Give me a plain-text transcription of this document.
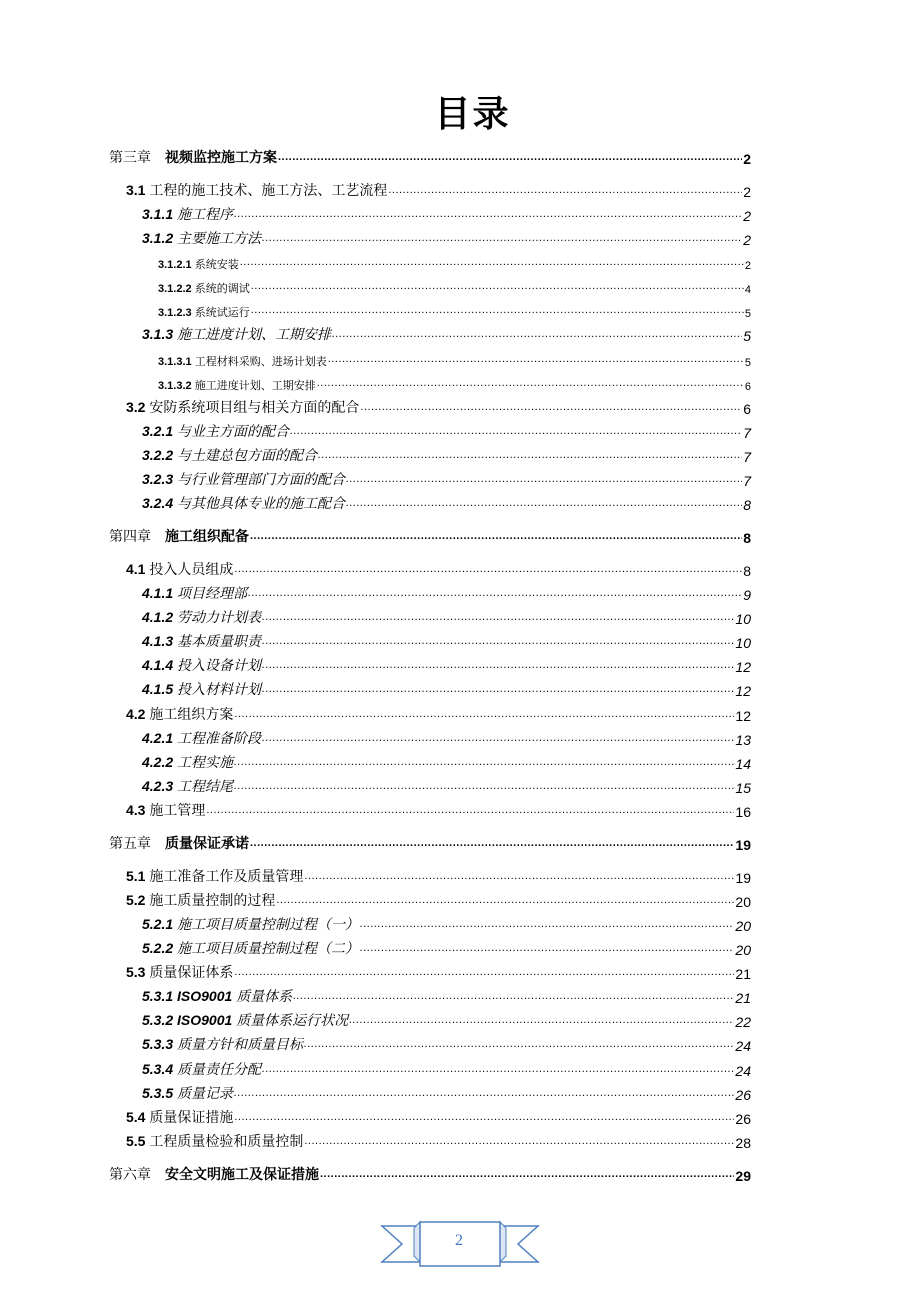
目录
第三章　 视频监控施工方案 .....	2
3.1 工程的施工技术、施工方法、工艺流程 .....	2
3.1.1 施工程序 .....	2
3.1.2 主要施工方法 .....	2
3.1.2.1 系统安装 .....	2
3.1.2.2 系统的调试 .....	4
3.1.2.3 系统试运行 .....	5
3.1.3 施工进度计划、工期安排 .....	5
3.1.3.1 工程材料采购、进场计划表 .....	5
3.1.3.2 施工进度计划、工期安排 .....	6
3.2 安防系统项目组与相关方面的配合 .....	6
3.2.1 与业主方面的配合 .....	7
3.2.2 与土建总包方面的配合 .....	7
3.2.3 与行业管理部门方面的配合 .....	7
3.2.4 与其他具体专业的施工配合 .....	8
第四章　 施工组织配备 .....	8
4.1 投入人员组成 .....	8
4.1.1 项目经理部 .....	9
4.1.2 劳动力计划表 .....	10
4.1.3 基本质量职责 .....	10
4.1.4 投入设备计划 .....	12
4.1.5 投入材料计划 .....	12
4.2 施工组织方案 .....	12
4.2.1 工程准备阶段 .....	13
4.2.2 工程实施 .....	14
4.2.3 工程结尾 .....	15
4.3 施工管理 .....	16
第五章　 质量保证承诺 .....	19
5.1 施工准备工作及质量管理 .....	19
5.2 施工质量控制的过程 .....	20
5.2.1 施工项目质量控制过程（一） .....	20
5.2.2 施工项目质量控制过程（二） .....	20
5.3 质量保证体系 .....	21
5.3.1 ISO9001 质量体系 .....	21
5.3.2 ISO9001 质量体系运行状况 .....	22
5.3.3 质量方针和质量目标 .....	24
5.3.4 质量责任分配 .....	24
5.3.5 质量记录 .....	26
5.4 质量保证措施 .....	26
5.5 工程质量检验和质量控制 .....	28
第六章　 安全文明施工及保证措施 .....	29
2
